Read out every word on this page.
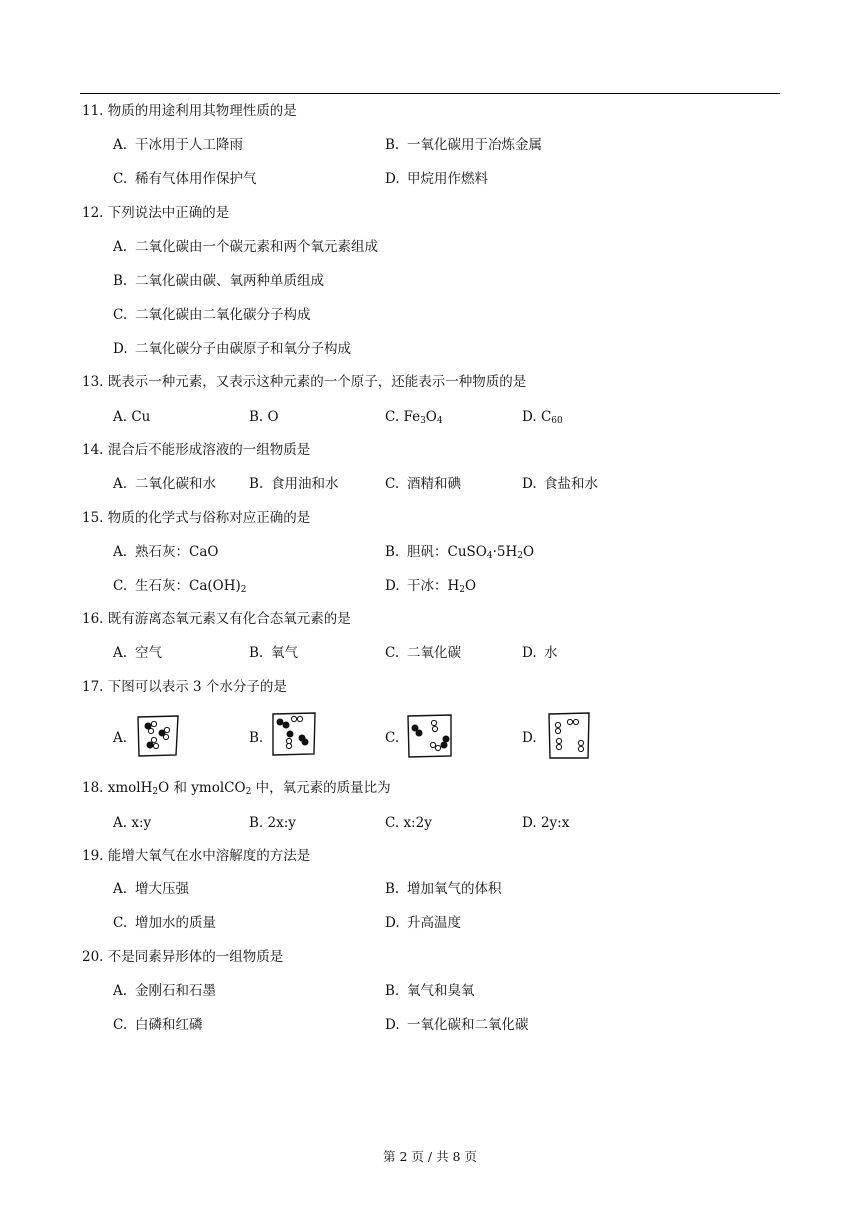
11. 物质的用途利用其物理性质的是
A. 干冰用于人工降雨	B. 一氧化碳用于冶炼金属
C. 稀有气体用作保护气	D. 甲烷用作燃料
12. 下列说法中正确的是
A. 二氧化碳由一个碳元素和两个氧元素组成
B. 二氧化碳由碳、氧两种单质组成
C. 二氧化碳由二氧化碳分子构成
D. 二氧化碳分子由碳原子和氧分子构成
13. 既表示一种元素，又表示这种元素的一个原子，还能表示一种物质的是
A. Cu	B. O	C. $Fe_3O_4$	D. $C_{60}$
14. 混合后不能形成溶液的一组物质是
A. 二氧化碳和水 B. 食用油和水	C. 酒精和碘	D. 食盐和水
15. 物质的化学式与俗称对应正确的是
A. 熟石灰：CaO	B. 胆矾：$CuSO_4\cdot 5H_2O$
C. 生石灰：$Ca(OH)_2$	D. 干冰：$H_2O$
16. 既有游离态氧元素又有化合态氧元素的是
A. 空气	B. 氧气	C. 二氧化碳	D. 水
17. 下图可以表示 3 个水分子的是
A.	B.	C.	D.
18. xmolH$_2$O 和 ymolCO$_2$ 中，氧元素的质量比为
A. x:y	B. 2x:y	C. x:2y	D. 2y:x
19. 能增大氧气在水中溶解度的方法是
A. 增大压强	B. 增加氧气的体积
C. 增加水的质量	D. 升高温度
20. 不是同素异形体的一组物质是
A. 金刚石和石墨	B. 氧气和臭氧
C. 白磷和红磷	D. 一氧化碳和二氧化碳
第 2 页 / 共 8 页
